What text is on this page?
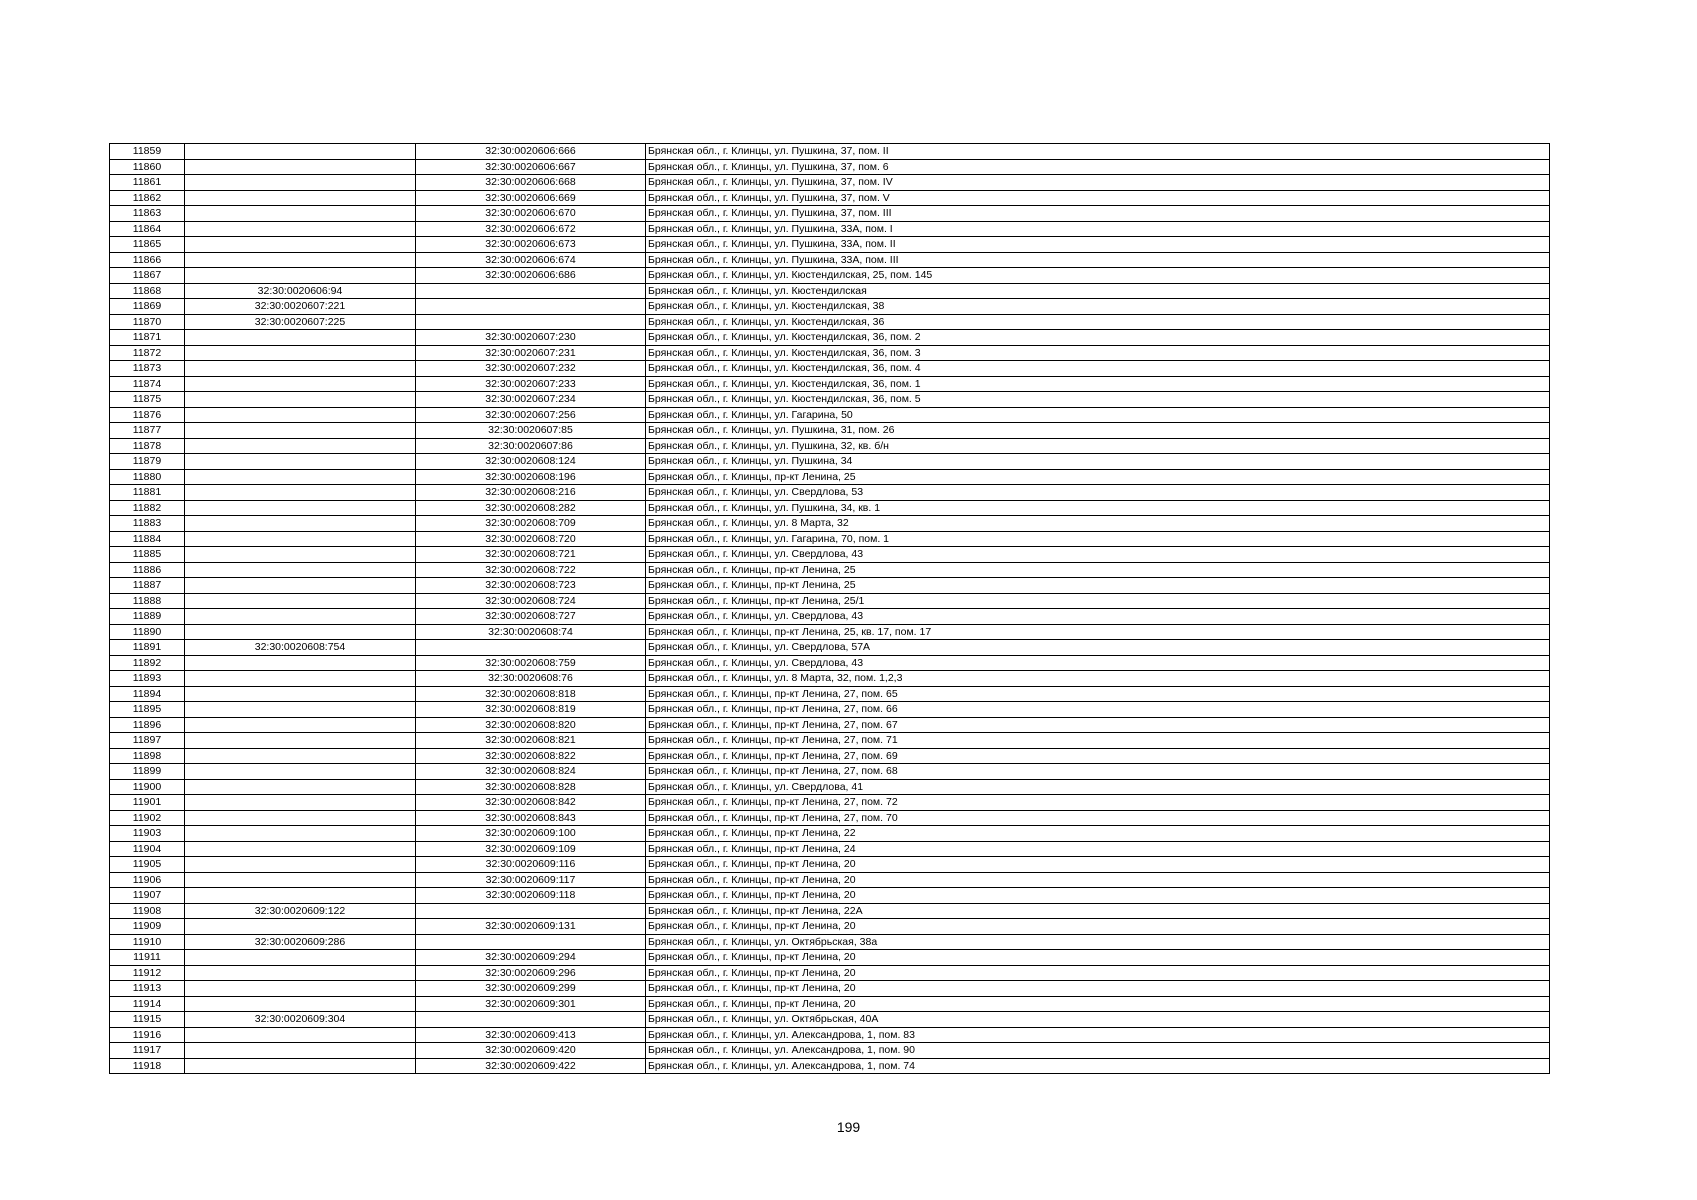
11859		32:30:0020606:666	Брянская обл., г. Клинцы, ул. Пушкина, 37, пом. II
11860		32:30:0020606:667	Брянская обл., г. Клинцы, ул. Пушкина, 37, пом. 6
11861		32:30:0020606:668	Брянская обл., г. Клинцы, ул. Пушкина, 37, пом. IV
11862		32:30:0020606:669	Брянская обл., г. Клинцы, ул. Пушкина, 37, пом. V
11863		32:30:0020606:670	Брянская обл., г. Клинцы, ул. Пушкина, 37, пом. III
11864		32:30:0020606:672	Брянская обл., г. Клинцы, ул. Пушкина, 33А, пом. I
11865		32:30:0020606:673	Брянская обл., г. Клинцы, ул. Пушкина, 33А, пом. II
11866		32:30:0020606:674	Брянская обл., г. Клинцы, ул. Пушкина, 33А, пом. III
11867		32:30:0020606:686	Брянская обл., г. Клинцы, ул. Кюстендилская, 25, пом. 145
11868	32:30:0020606:94		Брянская обл., г. Клинцы, ул. Кюстендилская
11869	32:30:0020607:221		Брянская обл., г. Клинцы, ул. Кюстендилская, 38
11870	32:30:0020607:225		Брянская обл., г. Клинцы, ул. Кюстендилская, 36
11871		32:30:0020607:230	Брянская обл., г. Клинцы, ул. Кюстендилская, 36, пом. 2
11872		32:30:0020607:231	Брянская обл., г. Клинцы, ул. Кюстендилская, 36, пом. 3
11873		32:30:0020607:232	Брянская обл., г. Клинцы, ул. Кюстендилская, 36, пом. 4
11874		32:30:0020607:233	Брянская обл., г. Клинцы, ул. Кюстендилская, 36, пом. 1
11875		32:30:0020607:234	Брянская обл., г. Клинцы, ул. Кюстендилская, 36, пом. 5
11876		32:30:0020607:256	Брянская обл., г. Клинцы, ул. Гагарина, 50
11877		32:30:0020607:85	Брянская обл., г. Клинцы, ул. Пушкина, 31, пом. 26
11878		32:30:0020607:86	Брянская обл., г. Клинцы, ул. Пушкина, 32, кв. б/н
11879		32:30:0020608:124	Брянская обл., г. Клинцы, ул. Пушкина, 34
11880		32:30:0020608:196	Брянская обл., г. Клинцы, пр-кт Ленина, 25
11881		32:30:0020608:216	Брянская обл., г. Клинцы, ул. Свердлова, 53
11882		32:30:0020608:282	Брянская обл., г. Клинцы, ул. Пушкина, 34, кв. 1
11883		32:30:0020608:709	Брянская обл., г. Клинцы, ул. 8 Марта, 32
11884		32:30:0020608:720	Брянская обл., г. Клинцы, ул. Гагарина, 70, пом. 1
11885		32:30:0020608:721	Брянская обл., г. Клинцы, ул. Свердлова, 43
11886		32:30:0020608:722	Брянская обл., г. Клинцы, пр-кт Ленина, 25
11887		32:30:0020608:723	Брянская обл., г. Клинцы, пр-кт Ленина, 25
11888		32:30:0020608:724	Брянская обл., г. Клинцы, пр-кт Ленина, 25/1
11889		32:30:0020608:727	Брянская обл., г. Клинцы, ул. Свердлова, 43
11890		32:30:0020608:74	Брянская обл., г. Клинцы, пр-кт Ленина, 25, кв. 17, пом. 17
11891	32:30:0020608:754		Брянская обл., г. Клинцы, ул. Свердлова, 57А
11892		32:30:0020608:759	Брянская обл., г. Клинцы, ул. Свердлова, 43
11893		32:30:0020608:76	Брянская обл., г. Клинцы, ул. 8 Марта, 32, пом. 1,2,3
11894		32:30:0020608:818	Брянская обл., г. Клинцы, пр-кт Ленина, 27, пом. 65
11895		32:30:0020608:819	Брянская обл., г. Клинцы, пр-кт Ленина, 27, пом. 66
11896		32:30:0020608:820	Брянская обл., г. Клинцы, пр-кт Ленина, 27, пом. 67
11897		32:30:0020608:821	Брянская обл., г. Клинцы, пр-кт Ленина, 27, пом. 71
11898		32:30:0020608:822	Брянская обл., г. Клинцы, пр-кт Ленина, 27, пом. 69
11899		32:30:0020608:824	Брянская обл., г. Клинцы, пр-кт Ленина, 27, пом. 68
11900		32:30:0020608:828	Брянская обл., г. Клинцы, ул. Свердлова, 41
11901		32:30:0020608:842	Брянская обл., г. Клинцы, пр-кт Ленина, 27, пом. 72
11902		32:30:0020608:843	Брянская обл., г. Клинцы, пр-кт Ленина, 27, пом. 70
11903		32:30:0020609:100	Брянская обл., г. Клинцы, пр-кт Ленина, 22
11904		32:30:0020609:109	Брянская обл., г. Клинцы, пр-кт Ленина, 24
11905		32:30:0020609:116	Брянская обл., г. Клинцы, пр-кт Ленина, 20
11906		32:30:0020609:117	Брянская обл., г. Клинцы, пр-кт Ленина, 20
11907		32:30:0020609:118	Брянская обл., г. Клинцы, пр-кт Ленина, 20
11908	32:30:0020609:122		Брянская обл., г. Клинцы, пр-кт Ленина, 22А
11909		32:30:0020609:131	Брянская обл., г. Клинцы, пр-кт Ленина, 20
11910	32:30:0020609:286		Брянская обл., г. Клинцы, ул. Октябрьская, 38а
11911		32:30:0020609:294	Брянская обл., г. Клинцы, пр-кт Ленина, 20
11912		32:30:0020609:296	Брянская обл., г. Клинцы, пр-кт Ленина, 20
11913		32:30:0020609:299	Брянская обл., г. Клинцы, пр-кт Ленина, 20
11914		32:30:0020609:301	Брянская обл., г. Клинцы, пр-кт Ленина, 20
11915	32:30:0020609:304		Брянская обл., г. Клинцы, ул. Октябрьская, 40А
11916		32:30:0020609:413	Брянская обл., г. Клинцы, ул. Александрова, 1, пом. 83
11917		32:30:0020609:420	Брянская обл., г. Клинцы, ул. Александрова, 1, пом. 90
11918		32:30:0020609:422	Брянская обл., г. Клинцы, ул. Александрова, 1, пом. 74
199
